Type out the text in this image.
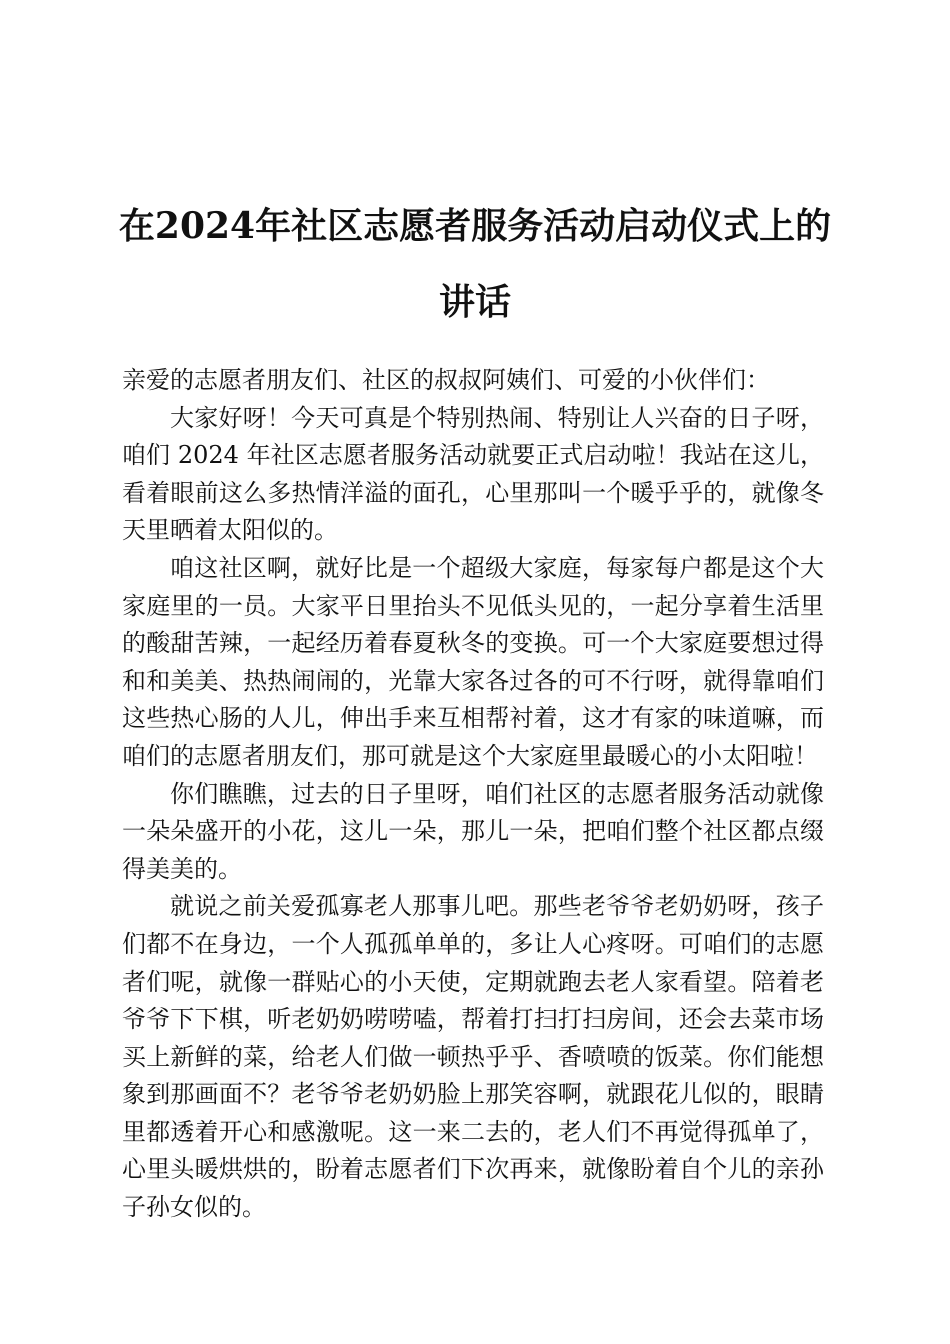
在2024年社区志愿者服务活动启动仪式上的
讲话

亲爱的志愿者朋友们、社区的叔叔阿姨们、可爱的小伙伴们：

大家好呀！今天可真是个特别热闹、特别让人兴奋的日子呀，咱们 2024 年社区志愿者服务活动就要正式启动啦！我站在这儿，看着眼前这么多热情洋溢的面孔，心里那叫一个暖乎乎的，就像冬天里晒着太阳似的。

咱这社区啊，就好比是一个超级大家庭，每家每户都是这个大家庭里的一员。大家平日里抬头不见低头见的，一起分享着生活里的酸甜苦辣，一起经历着春夏秋冬的变换。可一个大家庭要想过得和和美美、热热闹闹的，光靠大家各过各的可不行呀，就得靠咱们这些热心肠的人儿，伸出手来互相帮衬着，这才有家的味道嘛，而咱们的志愿者朋友们，那可就是这个大家庭里最暖心的小太阳啦！

你们瞧瞧，过去的日子里呀，咱们社区的志愿者服务活动就像一朵朵盛开的小花，这儿一朵，那儿一朵，把咱们整个社区都点缀得美美的。

就说之前关爱孤寡老人那事儿吧。那些老爷爷老奶奶呀，孩子们都不在身边，一个人孤孤单单的，多让人心疼呀。可咱们的志愿者们呢，就像一群贴心的小天使，定期就跑去老人家看望。陪着老爷爷下下棋，听老奶奶唠唠嗑，帮着打扫打扫房间，还会去菜市场买上新鲜的菜，给老人们做一顿热乎乎、香喷喷的饭菜。你们能想象到那画面不？老爷爷老奶奶脸上那笑容啊，就跟花儿似的，眼睛里都透着开心和感激呢。这一来二去的，老人们不再觉得孤单了，心里头暖烘烘的，盼着志愿者们下次再来，就像盼着自个儿的亲孙子孙女似的。
